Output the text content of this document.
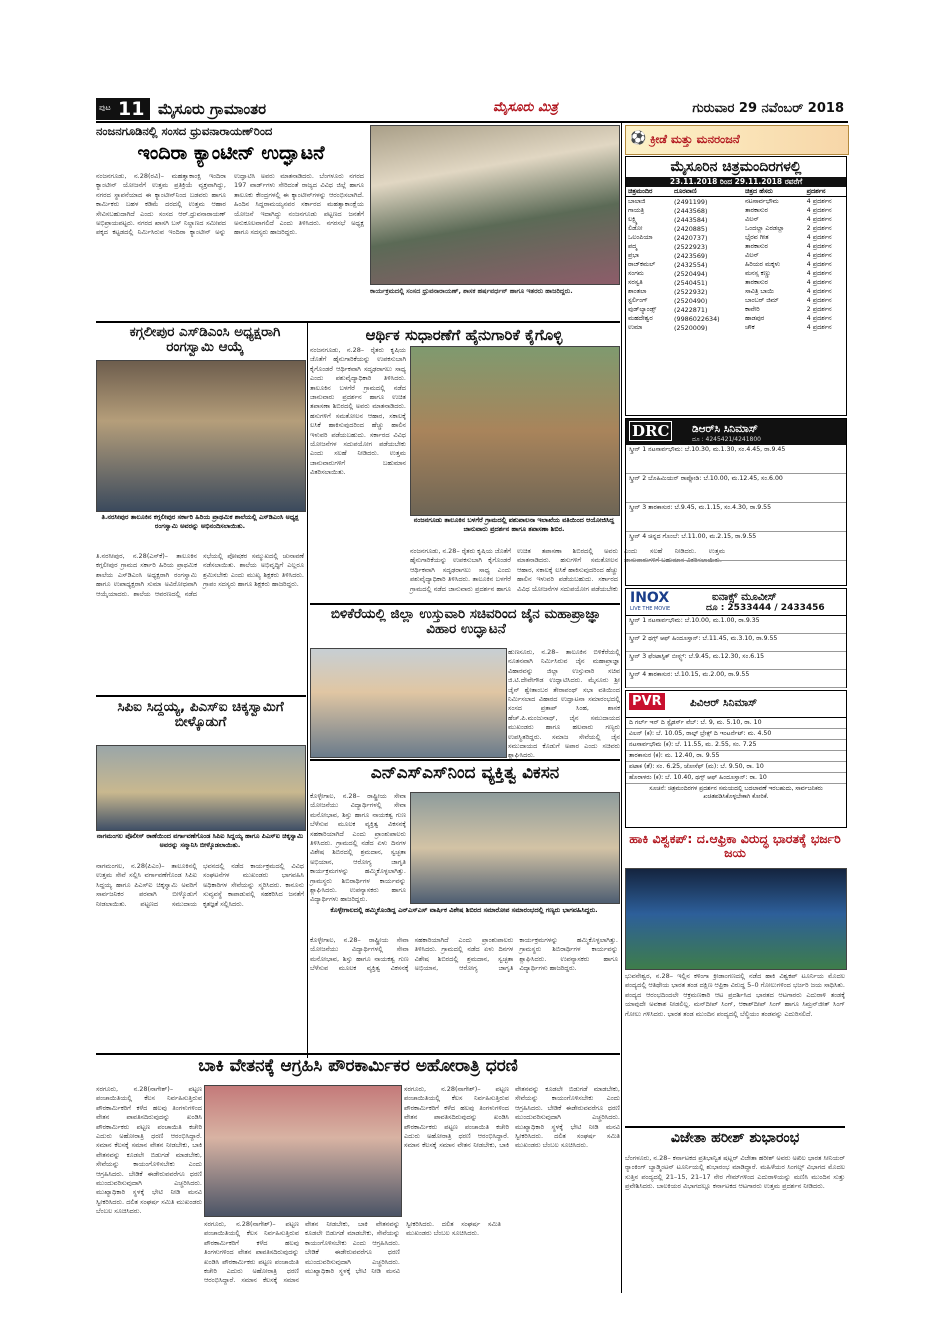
ಪುಟ 11 ಮೈಸೂರು ಗ್ರಾಮಾಂತರ	ಮೈಸೂರು ಮಿತ್ರ	ಗುರುವಾರ 29 ನವೆಂಬರ್ 2018
ನಂಜನಗೂಡಿನಲ್ಲಿ ಸಂಸದ ಧ್ರುವನಾರಾಯಣ್‌ರಿಂದ
ಇಂದಿರಾ ಕ್ಯಾಂಟೀನ್ ಉದ್ಘಾಟನೆ
ನಂಜನಗೂಡು, ನ.28(ರವಿ)– ಮಹತ್ವಾಕಾಂಕ್ಷಿ ಇಂದಿರಾ ಕ್ಯಾಂಟೀನ್ ಯೋಜನೆಗೆ ಉತ್ತಮ ಪ್ರತಿಕ್ರಿಯೆ ವ್ಯಕ್ತವಾಗಿದ್ದು, ನಗರದ ಸ್ಥಾಪನೆಯಾದ ಈ ಕ್ಯಾಂಟೀನ್‌ನಿಂದ ಬಡವರು ಹಾಗೂ ಕಾರ್ಮಿಕರು ಬಹಳ ಕಡಿಮೆ ದರದಲ್ಲಿ ಉತ್ತಮ ಆಹಾರ ಸೇವಿಸಬಹುದಾಗಿದೆ ಎಂದು ಸಂಸದ ಆರ್.ಧ್ರುವನಾರಾಯಣ್ ಅಭಿಪ್ರಾಯಪಟ್ಟರು. ನಗರದ ಖಾಸಗಿ ಬಸ್ ನಿಲ್ದಾಣದ ಸಮೀಪದ ಪಕ್ಕದ ಕಟ್ಟಡದಲ್ಲಿ ನಿರ್ಮಿಸಿರುವ ಇಂದಿರಾ ಕ್ಯಾಂಟೀನ್ ಅನ್ನು ಉದ್ಘಾಟಿಸಿ ಅವರು ಮಾತನಾಡಿದರು. ಬೆಂಗಳೂರು ನಗರದ 197 ವಾರ್ಡ್‌ಗಳು ಸೇರಿದಂತೆ ರಾಜ್ಯದ ವಿವಿಧ ಜಿಲ್ಲೆ ಹಾಗೂ ತಾಲೂಕು ಕೇಂದ್ರಗಳಲ್ಲಿ ಈ ಕ್ಯಾಂಟೀನ್‌ಗಳನ್ನು ಆರಂಭಿಸಲಾಗಿದೆ. ಹಿಂದಿನ ಸಿದ್ದರಾಮಯ್ಯನವರ ಸರ್ಕಾರದ ಮಹತ್ವಾಕಾಂಕ್ಷೆಯ ಯೋಜನೆ ಇದಾಗಿದ್ದು ನಂಜನಗೂಡು ಪಟ್ಟಣದ ಜನತೆಗೆ ಅನುಕೂಲವಾಗಲಿದೆ ಎಂದು ತಿಳಿಸಿದರು. ನಗರಸಭೆ ಅಧ್ಯಕ್ಷ ಹಾಗೂ ಸದಸ್ಯರು ಹಾಜರಿದ್ದರು.
ಕಾರ್ಯಕ್ರಮದಲ್ಲಿ ಸಂಸದ ಧ್ರುವನಾರಾಯಣ್, ಶಾಸಕ ಹರ್ಷವರ್ಧನ್ ಹಾಗೂ ಇತರರು ಹಾಜರಿದ್ದರು.
ಕಗ್ಗಲೀಪುರ ಎಸ್‌ಡಿಎಂಸಿ ಅಧ್ಯಕ್ಷರಾಗಿ ರಂಗಸ್ವಾಮಿ ಆಯ್ಕೆ
ತಿ.ನರಸೀಪುರ ತಾಲೂಕಿನ ಕಗ್ಗಲೀಪುರ ಸರ್ಕಾರಿ ಹಿರಿಯ ಪ್ರಾಥಮಿಕ ಶಾಲೆಯಲ್ಲಿ ಎಸ್‌ಡಿಎಂಸಿ ಅಧ್ಯಕ್ಷ ರಂಗಸ್ವಾಮಿ ಅವರನ್ನು ಅಭಿನಂದಿಸಲಾಯಿತು.
ತಿ.ನರಸೀಪುರ, ನ.28(ಎಸ್‌ಕೆ)– ತಾಲೂಕಿನ ಕಗ್ಗಲೀಪುರ ಗ್ರಾಮದ ಸರ್ಕಾರಿ ಹಿರಿಯ ಪ್ರಾಥಮಿಕ ಶಾಲೆಯ ಎಸ್‌ಡಿಎಂಸಿ ಅಧ್ಯಕ್ಷರಾಗಿ ರಂಗಸ್ವಾಮಿ ಹಾಗೂ ಉಪಾಧ್ಯಕ್ಷರಾಗಿ ಸುಮಾ ಅವಿರೋಧವಾಗಿ ಆಯ್ಕೆಯಾದರು. ಶಾಲೆಯ ಆವರಣದಲ್ಲಿ ನಡೆದ ಸಭೆಯಲ್ಲಿ ಪೋಷಕರ ಸಮ್ಮುಖದಲ್ಲಿ ಚುನಾವಣೆ ನಡೆಸಲಾಯಿತು. ಶಾಲೆಯ ಅಭಿವೃದ್ಧಿಗೆ ಎಲ್ಲರೂ ಶ್ರಮಿಸಬೇಕು ಎಂದು ಮುಖ್ಯ ಶಿಕ್ಷಕರು ತಿಳಿಸಿದರು. ಗ್ರಾಪಂ ಸದಸ್ಯರು ಹಾಗೂ ಶಿಕ್ಷಕರು ಹಾಜರಿದ್ದರು.
ಸಿಪಿಐ ಸಿದ್ದಯ್ಯ, ಪಿಎಸ್‌ಐ ಚಿಕ್ಕಸ್ವಾಮಿಗೆ ಬೀಳ್ಕೊಡುಗೆ
ನಾಗಮಂಗಲ ಪೊಲೀಸ್ ಠಾಣೆಯಿಂದ ವರ್ಗಾವಣೆಗೊಂಡ ಸಿಪಿಐ ಸಿದ್ದಯ್ಯ ಹಾಗೂ ಪಿಎಸ್‌ಐ ಚಿಕ್ಕಸ್ವಾಮಿ ಅವರನ್ನು ಸನ್ಮಾನಿಸಿ ಬೀಳ್ಕೊಡಲಾಯಿತು.
ನಾಗಮಂಗಲ, ನ.28(ಪಿಎಂ)– ತಾಲೂಕಿನಲ್ಲಿ ಉತ್ತಮ ಸೇವೆ ಸಲ್ಲಿಸಿ ವರ್ಗಾವಣೆಗೊಂಡ ಸಿಪಿಐ ಸಿದ್ದಯ್ಯ ಹಾಗೂ ಪಿಎಸ್‌ಐ ಚಿಕ್ಕಸ್ವಾಮಿ ಅವರಿಗೆ ಸಾರ್ವಜನಿಕರ ಪರವಾಗಿ ಬೀಳ್ಕೊಡುಗೆ ನೀಡಲಾಯಿತು. ಪಟ್ಟಣದ ಸಮುದಾಯ ಭವನದಲ್ಲಿ ನಡೆದ ಕಾರ್ಯಕ್ರಮದಲ್ಲಿ ವಿವಿಧ ಸಂಘಟನೆಗಳ ಮುಖಂಡರು ಭಾಗವಹಿಸಿ ಅಧಿಕಾರಿಗಳ ಸೇವೆಯನ್ನು ಸ್ಮರಿಸಿದರು. ಕಾನೂನು ಸುವ್ಯವಸ್ಥೆ ಕಾಪಾಡುವಲ್ಲಿ ಸಹಕರಿಸಿದ ಜನತೆಗೆ ಕೃತಜ್ಞತೆ ಸಲ್ಲಿಸಿದರು.
ಆರ್ಥಿಕ ಸುಧಾರಣೆಗೆ ಹೈನುಗಾರಿಕೆ ಕೈಗೊಳ್ಳಿ
ನಂಜನಗೂಡು, ನ.28– ರೈತರು ಕೃಷಿಯ ಜೊತೆಗೆ ಹೈನುಗಾರಿಕೆಯನ್ನು ಉಪಕಸುಬಾಗಿ ಕೈಗೊಂಡರೆ ಆರ್ಥಿಕವಾಗಿ ಸದೃಢರಾಗಲು ಸಾಧ್ಯ ಎಂದು ಪಶುವೈದ್ಯಾಧಿಕಾರಿ ತಿಳಿಸಿದರು. ತಾಲೂಕಿನ ಬಳಗೆರೆ ಗ್ರಾಮದಲ್ಲಿ ನಡೆದ ಜಾನುವಾರು ಪ್ರದರ್ಶನ ಹಾಗೂ ಉಚಿತ ತಪಾಸಣಾ ಶಿಬಿರದಲ್ಲಿ ಅವರು ಮಾತನಾಡಿದರು. ಹಸುಗಳಿಗೆ ಸಮತೋಲನ ಆಹಾರ, ಸಕಾಲಕ್ಕೆ ಲಸಿಕೆ ಹಾಕಿಸುವುದರಿಂದ ಹೆಚ್ಚು ಹಾಲಿನ ಇಳುವರಿ ಪಡೆಯಬಹುದು. ಸರ್ಕಾರದ ವಿವಿಧ ಯೋಜನೆಗಳ ಸದುಪಯೋಗ ಪಡೆಯಬೇಕು ಎಂದು ಸಲಹೆ ನೀಡಿದರು. ಉತ್ತಮ ಜಾನುವಾರುಗಳಿಗೆ ಬಹುಮಾನ ವಿತರಿಸಲಾಯಿತು.
ನಂಜನಗೂಡು ತಾಲೂಕಿನ ಬಳಗೆರೆ ಗ್ರಾಮದಲ್ಲಿ ಪಶುಪಾಲನಾ ಇಲಾಖೆಯ ವತಿಯಿಂದ ಆಯೋಜಿಸಿದ್ದ ಜಾನುವಾರು ಪ್ರದರ್ಶನ ಹಾಗೂ ತಪಾಸಣಾ ಶಿಬಿರ.
ನಂಜನಗೂಡು, ನ.28– ರೈತರು ಕೃಷಿಯ ಜೊತೆಗೆ ಹೈನುಗಾರಿಕೆಯನ್ನು ಉಪಕಸುಬಾಗಿ ಕೈಗೊಂಡರೆ ಆರ್ಥಿಕವಾಗಿ ಸದೃಢರಾಗಲು ಸಾಧ್ಯ ಎಂದು ಪಶುವೈದ್ಯಾಧಿಕಾರಿ ತಿಳಿಸಿದರು. ತಾಲೂಕಿನ ಬಳಗೆರೆ ಗ್ರಾಮದಲ್ಲಿ ನಡೆದ ಜಾನುವಾರು ಪ್ರದರ್ಶನ ಹಾಗೂ ಉಚಿತ ತಪಾಸಣಾ ಶಿಬಿರದಲ್ಲಿ ಅವರು ಮಾತನಾಡಿದರು. ಹಸುಗಳಿಗೆ ಸಮತೋಲನ ಆಹಾರ, ಸಕಾಲಕ್ಕೆ ಲಸಿಕೆ ಹಾಕಿಸುವುದರಿಂದ ಹೆಚ್ಚು ಹಾಲಿನ ಇಳುವರಿ ಪಡೆಯಬಹುದು. ಸರ್ಕಾರದ ವಿವಿಧ ಯೋಜನೆಗಳ ಸದುಪಯೋಗ ಪಡೆಯಬೇಕು ಎಂದು ಸಲಹೆ ನೀಡಿದರು. ಉತ್ತಮ ಜಾನುವಾರುಗಳಿಗೆ ಬಹುಮಾನ ವಿತರಿಸಲಾಯಿತು.
ಬಿಳಿಕೆರೆಯಲ್ಲಿ ಜಿಲ್ಲಾ ಉಸ್ತುವಾರಿ ಸಚಿವರಿಂದ ಜೈನ ಮಹಾಪ್ರಾಜ್ಞಾ ವಿಹಾರ ಉದ್ಘಾಟನೆ
ಹುಣಸೂರು, ನ.28– ತಾಲೂಕಿನ ಬಿಳಿಕೆರೆಯಲ್ಲಿ ನೂತನವಾಗಿ ನಿರ್ಮಿಸಿರುವ ಜೈನ ಮಹಾಪ್ರಾಜ್ಞಾ ವಿಹಾರವನ್ನು ಜಿಲ್ಲಾ ಉಸ್ತುವಾರಿ ಸಚಿವ ಜಿ.ಟಿ.ದೇವೇಗೌಡ ಉದ್ಘಾಟಿಸಿದರು. ಮೈಸೂರು ಶ್ರೀ ಜೈನ್ ಶ್ವೇತಾಂಬರ ತೇರಾಪಂಥ್ ಸಭಾ ವತಿಯಿಂದ ನಿರ್ಮಿಸಲಾದ ವಿಹಾರದ ಉದ್ಘಾಟನಾ ಸಮಾರಂಭದಲ್ಲಿ ಸಂಸದ ಪ್ರತಾಪ್ ಸಿಂಹ, ಶಾಸಕ ಹೆಚ್.ಪಿ.ಮಂಜುನಾಥ್, ಜೈನ ಸಮುದಾಯದ ಮುಖಂಡರು ಹಾಗೂ ಹಲವಾರು ಗಣ್ಯರು ಉಪಸ್ಥಿತರಿದ್ದರು. ಸಮಾಜ ಸೇವೆಯಲ್ಲಿ ಜೈನ ಸಮುದಾಯದ ಕೊಡುಗೆ ಅಪಾರ ಎಂದು ಸಚಿವರು ಶ್ಲಾಘಿಸಿದರು.
ಎನ್‌ಎಸ್‌ಎಸ್‌ನಿಂದ ವ್ಯಕ್ತಿತ್ವ ವಿಕಸನ
ಕೊಳ್ಳೇಗಾಲ, ನ.28– ರಾಷ್ಟ್ರೀಯ ಸೇವಾ ಯೋಜನೆಯು ವಿದ್ಯಾರ್ಥಿಗಳಲ್ಲಿ ಸೇವಾ ಮನೋಭಾವ, ಶಿಸ್ತು ಹಾಗೂ ನಾಯಕತ್ವ ಗುಣ ಬೆಳೆಸುವ ಮೂಲಕ ವ್ಯಕ್ತಿತ್ವ ವಿಕಸನಕ್ಕೆ ಸಹಕಾರಿಯಾಗಿದೆ ಎಂದು ಪ್ರಾಂಶುಪಾಲರು ತಿಳಿಸಿದರು. ಗ್ರಾಮದಲ್ಲಿ ನಡೆದ ಏಳು ದಿನಗಳ ವಿಶೇಷ ಶಿಬಿರದಲ್ಲಿ ಶ್ರಮದಾನ, ಸ್ವಚ್ಛತಾ ಅಭಿಯಾನ, ಆರೋಗ್ಯ ಜಾಗೃತಿ ಕಾರ್ಯಕ್ರಮಗಳನ್ನು ಹಮ್ಮಿಕೊಳ್ಳಲಾಗಿತ್ತು. ಗ್ರಾಮಸ್ಥರು ಶಿಬಿರಾರ್ಥಿಗಳ ಕಾರ್ಯವನ್ನು ಶ್ಲಾಘಿಸಿದರು. ಉಪನ್ಯಾಸಕರು ಹಾಗೂ ವಿದ್ಯಾರ್ಥಿಗಳು ಹಾಜರಿದ್ದರು.
ಕೊಳ್ಳೇಗಾಲದಲ್ಲಿ ಹಮ್ಮಿಕೊಂಡಿದ್ದ ಎನ್‌ಎಸ್‌ಎಸ್ ವಾರ್ಷಿಕ ವಿಶೇಷ ಶಿಬಿರದ ಸಮಾರೋಪ ಸಮಾರಂಭದಲ್ಲಿ ಗಣ್ಯರು ಭಾಗವಹಿಸಿದ್ದರು.
ಕೊಳ್ಳೇಗಾಲ, ನ.28– ರಾಷ್ಟ್ರೀಯ ಸೇವಾ ಯೋಜನೆಯು ವಿದ್ಯಾರ್ಥಿಗಳಲ್ಲಿ ಸೇವಾ ಮನೋಭಾವ, ಶಿಸ್ತು ಹಾಗೂ ನಾಯಕತ್ವ ಗುಣ ಬೆಳೆಸುವ ಮೂಲಕ ವ್ಯಕ್ತಿತ್ವ ವಿಕಸನಕ್ಕೆ ಸಹಕಾರಿಯಾಗಿದೆ ಎಂದು ಪ್ರಾಂಶುಪಾಲರು ತಿಳಿಸಿದರು. ಗ್ರಾಮದಲ್ಲಿ ನಡೆದ ಏಳು ದಿನಗಳ ವಿಶೇಷ ಶಿಬಿರದಲ್ಲಿ ಶ್ರಮದಾನ, ಸ್ವಚ್ಛತಾ ಅಭಿಯಾನ, ಆರೋಗ್ಯ ಜಾಗೃತಿ ಕಾರ್ಯಕ್ರಮಗಳನ್ನು ಹಮ್ಮಿಕೊಳ್ಳಲಾಗಿತ್ತು. ಗ್ರಾಮಸ್ಥರು ಶಿಬಿರಾರ್ಥಿಗಳ ಕಾರ್ಯವನ್ನು ಶ್ಲಾಘಿಸಿದರು. ಉಪನ್ಯಾಸಕರು ಹಾಗೂ ವಿದ್ಯಾರ್ಥಿಗಳು ಹಾಜರಿದ್ದರು.
ಬಾಕಿ ವೇತನಕ್ಕೆ ಆಗ್ರಹಿಸಿ ಪೌರಕಾರ್ಮಿಕರ ಅಹೋರಾತ್ರಿ ಧರಣಿ
ಸರಗೂರು, ನ.28(ನಾಗೇಶ್)– ಪಟ್ಟಣ ಪಂಚಾಯಿತಿಯಲ್ಲಿ ಕೆಲಸ ನಿರ್ವಹಿಸುತ್ತಿರುವ ಪೌರಕಾರ್ಮಿಕರಿಗೆ ಕಳೆದ ಹಲವು ತಿಂಗಳುಗಳಿಂದ ವೇತನ ಪಾವತಿಸದಿರುವುದನ್ನು ಖಂಡಿಸಿ ಪೌರಕಾರ್ಮಿಕರು ಪಟ್ಟಣ ಪಂಚಾಯಿತಿ ಕಚೇರಿ ಎದುರು ಅಹೋರಾತ್ರಿ ಧರಣಿ ಆರಂಭಿಸಿದ್ದಾರೆ. ಸಮಾನ ಕೆಲಸಕ್ಕೆ ಸಮಾನ ವೇತನ ನೀಡಬೇಕು, ಬಾಕಿ ವೇತನವನ್ನು ಕೂಡಲೇ ಬಿಡುಗಡೆ ಮಾಡಬೇಕು, ಸೇವೆಯನ್ನು ಕಾಯಂಗೊಳಿಸಬೇಕು ಎಂದು ಆಗ್ರಹಿಸಿದರು. ಬೇಡಿಕೆ ಈಡೇರುವವರೆಗೂ ಧರಣಿ ಮುಂದುವರಿಸುವುದಾಗಿ ಎಚ್ಚರಿಸಿದರು. ಮುಖ್ಯಾಧಿಕಾರಿ ಸ್ಥಳಕ್ಕೆ ಭೇಟಿ ನೀಡಿ ಮನವಿ ಸ್ವೀಕರಿಸಿದರು. ದಲಿತ ಸಂಘರ್ಷ ಸಮಿತಿ ಮುಖಂಡರು ಬೆಂಬಲ ಸೂಚಿಸಿದರು.
ಸರಗೂರು, ನ.28(ನಾಗೇಶ್)– ಪಟ್ಟಣ ಪಂಚಾಯಿತಿಯಲ್ಲಿ ಕೆಲಸ ನಿರ್ವಹಿಸುತ್ತಿರುವ ಪೌರಕಾರ್ಮಿಕರಿಗೆ ಕಳೆದ ಹಲವು ತಿಂಗಳುಗಳಿಂದ ವೇತನ ಪಾವತಿಸದಿರುವುದನ್ನು ಖಂಡಿಸಿ ಪೌರಕಾರ್ಮಿಕರು ಪಟ್ಟಣ ಪಂಚಾಯಿತಿ ಕಚೇರಿ ಎದುರು ಅಹೋರಾತ್ರಿ ಧರಣಿ ಆರಂಭಿಸಿದ್ದಾರೆ. ಸಮಾನ ಕೆಲಸಕ್ಕೆ ಸಮಾನ ವೇತನ ನೀಡಬೇಕು, ಬಾಕಿ ವೇತನವನ್ನು ಕೂಡಲೇ ಬಿಡುಗಡೆ ಮಾಡಬೇಕು, ಸೇವೆಯನ್ನು ಕಾಯಂಗೊಳಿಸಬೇಕು ಎಂದು ಆಗ್ರಹಿಸಿದರು. ಬೇಡಿಕೆ ಈಡೇರುವವರೆಗೂ ಧರಣಿ ಮುಂದುವರಿಸುವುದಾಗಿ ಎಚ್ಚರಿಸಿದರು. ಮುಖ್ಯಾಧಿಕಾರಿ ಸ್ಥಳಕ್ಕೆ ಭೇಟಿ ನೀಡಿ ಮನವಿ ಸ್ವೀಕರಿಸಿದರು. ದಲಿತ ಸಂಘರ್ಷ ಸಮಿತಿ ಮುಖಂಡರು ಬೆಂಬಲ ಸೂಚಿಸಿದರು.
ಸರಗೂರು, ನ.28(ನಾಗೇಶ್)– ಪಟ್ಟಣ ಪಂಚಾಯಿತಿಯಲ್ಲಿ ಕೆಲಸ ನಿರ್ವಹಿಸುತ್ತಿರುವ ಪೌರಕಾರ್ಮಿಕರಿಗೆ ಕಳೆದ ಹಲವು ತಿಂಗಳುಗಳಿಂದ ವೇತನ ಪಾವತಿಸದಿರುವುದನ್ನು ಖಂಡಿಸಿ ಪೌರಕಾರ್ಮಿಕರು ಪಟ್ಟಣ ಪಂಚಾಯಿತಿ ಕಚೇರಿ ಎದುರು ಅಹೋರಾತ್ರಿ ಧರಣಿ ಆರಂಭಿಸಿದ್ದಾರೆ. ಸಮಾನ ಕೆಲಸಕ್ಕೆ ಸಮಾನ ವೇತನ ನೀಡಬೇಕು, ಬಾಕಿ ವೇತನವನ್ನು ಕೂಡಲೇ ಬಿಡುಗಡೆ ಮಾಡಬೇಕು, ಸೇವೆಯನ್ನು ಕಾಯಂಗೊಳಿಸಬೇಕು ಎಂದು ಆಗ್ರಹಿಸಿದರು. ಬೇಡಿಕೆ ಈಡೇರುವವರೆಗೂ ಧರಣಿ ಮುಂದುವರಿಸುವುದಾಗಿ ಎಚ್ಚರಿಸಿದರು. ಮುಖ್ಯಾಧಿಕಾರಿ ಸ್ಥಳಕ್ಕೆ ಭೇಟಿ ನೀಡಿ ಮನವಿ ಸ್ವೀಕರಿಸಿದರು. ದಲಿತ ಸಂಘರ್ಷ ಸಮಿತಿ ಮುಖಂಡರು ಬೆಂಬಲ ಸೂಚಿಸಿದರು.
⚽ ಕ್ರೀಡೆ ಮತ್ತು ಮನರಂಜನೆ
ಮೈಸೂರಿನ ಚಿತ್ರಮಂದಿರಗಳಲ್ಲಿ
23.11.2018 ರಿಂದ 29.11.2018 ರವರೆಗೆ
ಚಿತ್ರಮಂದಿರ	ದೂರವಾಣಿ	ಚಿತ್ರದ ಹೆಸರು	ಪ್ರದರ್ಶನ
ಬಾಲಾಜಿ	(2491199)	ನಟಸಾರ್ವಭೌಮ	4 ಪ್ರದರ್ಶನ
ಗಾಯತ್ರಿ	(2443568)	ತಾರಕಾಸುರ	4 ಪ್ರದರ್ಶನ
ಲಕ್ಷ್ಮಿ	(2443584)	ವಿಲನ್	4 ಪ್ರದರ್ಶನ
ಲಿಡೋ	(2420885)	ಒಂದಲ್ಲಾ ಎರಡಲ್ಲಾ	2 ಪ್ರದರ್ಶನ
ಒಲಂಪಿಯಾ	(2420737)	ಭೈರವ ಗೀತ	4 ಪ್ರದರ್ಶನ
ಪದ್ಮ	(2522923)	ತಾರಕಾಸುರ	4 ಪ್ರದರ್ಶನ
ಪ್ರಭಾ	(2423569)	ವಿಲನ್	4 ಪ್ರದರ್ಶನ
ರಾಜ್‌ಕಮಲ್	(2432554)	ಹಿರಿಯರ ಮಕ್ಕಳು	4 ಪ್ರದರ್ಶನ
ಸಂಗಮ	(2520494)	ಮನಸ್ಸ ಕಣ್ಣು	4 ಪ್ರದರ್ಶನ
ಸರಸ್ವತಿ	(2540451)	ತಾರಕಾಸುರ	4 ಪ್ರದರ್ಶನ
ಶಾಂತಲಾ	(2522932)	ಸಾವಿತ್ರಿ ಬಾಯಿ	4 ಪ್ರದರ್ಶನ
ಸ್ಟರ್ಲಿಂಗ್	(2520490)	ಬಾಂಬರ್ ಜಿಮ್	4 ಪ್ರದರ್ಶನ
ವುಡ್‌ಲ್ಯಾಂಡ್ಸ್	(2422871)	ಕಾವೇರಿ	2 ಪ್ರದರ್ಶನ
ಮಹದೇಶ್ವರ	(9986022634)	ಹಾಡಪುರ	4 ಪ್ರದರ್ಶನ
ಉಮಾ	(2520009)	ಚೌಕ	4 ಪ್ರದರ್ಶನ
DRC ಡಿಆರ್‌ಸಿ ಸಿನಿಮಾಸ್
ದೂ : 4245421/4241800
ಸ್ಕ್ರೀನ್ 1 ನಟಸಾರ್ವಭೌಮ: ಬೆ.10.30, ಮ.1.30, ಸಂ.4.45, ರಾ.9.45
ಸ್ಕ್ರೀನ್ 2 ಬೊಹಿಮಿಯನ್ ರಾಪ್ಸೋಡಿ: ಬೆ.10.00, ಮ.12.45, ಸಂ.6.00
ಸ್ಕ್ರೀನ್ 3 ತಾರಕಾಸುರ: ಬೆ.9.45, ಮ.1.15, ಸಂ.4.30, ರಾ.9.55
ಸ್ಕ್ರೀನ್ 4 ಚಿನ್ನದ ಗೊಂಬೆ: ಬೆ.11.00, ಮ.2.15, ರಾ.9.55
INOX
LIVE THE MOVIE
ಐನಾಕ್ಸ್ ಮೂವೀಸ್
ದೂ : 2533444 / 2433456
ಸ್ಕ್ರೀನ್ 1 ನಟಸಾರ್ವಭೌಮ: ಬೆ.10.00, ಮ.1.00, ರಾ.9.35
ಸ್ಕ್ರೀನ್ 2 ಥಗ್ಸ್ ಆಫ್ ಹಿಂದೂಸ್ತಾನ್: ಬೆ.11.45, ಮ.3.10, ರಾ.9.55
ಸ್ಕ್ರೀನ್ 3 ಫೆಂಟಾಸ್ಟಿಕ್ ಬೀಸ್ಟ್ಸ್: ಬೆ.9.45, ಮ.12.30, ಸಂ.6.15
ಸ್ಕ್ರೀನ್ 4 ತಾರಕಾಸುರ: ಬೆ.10.15, ಮ.2.00, ರಾ.9.55
PVR	ಪಿವಿಆರ್ ಸಿನಿಮಾಸ್
ದಿ ಗರ್ಲ್ ಇನ್ ದಿ ಸ್ಪೈಡರ್ಸ್ ವೆಬ್: ಬೆ. 9, ಮ. 5.10, ರಾ. 10
ವಿಲನ್ (ಕ): ಬೆ. 10.05, ರಾಲ್ಫ್ ಬ್ರೇಕ್ಸ್ ದಿ ಇಂಟರ್ನೆಟ್: ಮ. 4.50
ನಟಸಾರ್ವಭೌಮ (ಕ): ಬೆ. 11.55, ಮ. 2.55, ಸಂ. 7.25
ತಾರಕಾಸುರ (ಕ): ಮ. 12.40, ರಾ. 9.55
ಪಟಾಕ (ತೆ): ಸಂ. 6.25, ಜೋಸೆಫ್ (ಮ): ಬೆ. 9.50, ರಾ. 10
ಹೊರಾಳರು (ಕ): ಬೆ. 10.40, ಥಗ್ಸ್ ಆಫ್ ಹಿಂದೂಸ್ತಾನ್: ರಾ. 10
ಸೂಚನೆ: ಚಿತ್ರಮಂದಿರಗಳ ಪ್ರದರ್ಶನ ಸಮಯದಲ್ಲಿ ಬದಲಾವಣೆ ಇರಬಹುದು, ಸಾರ್ವಜನಿಕರು ಖಚಿತಪಡಿಸಿಕೊಳ್ಳಬೇಕಾಗಿ ಕೋರಿಕೆ.
ಹಾಕಿ ವಿಶ್ವಕಪ್: ದ.ಆಫ್ರಿಕಾ ವಿರುದ್ಧ ಭಾರತಕ್ಕೆ ಭರ್ಜರಿ ಜಯ
ಭುವನೇಶ್ವರ, ನ.28– ಇಲ್ಲಿನ ಕಳಿಂಗಾ ಕ್ರೀಡಾಂಗಣದಲ್ಲಿ ನಡೆದ ಹಾಕಿ ವಿಶ್ವಕಪ್ ಟೂರ್ನಿಯ ಮೊದಲ ಪಂದ್ಯದಲ್ಲಿ ಆತಿಥೇಯ ಭಾರತ ತಂಡ ದಕ್ಷಿಣ ಆಫ್ರಿಕಾ ವಿರುದ್ಧ 5–0 ಗೋಲುಗಳಿಂದ ಭರ್ಜರಿ ಜಯ ಸಾಧಿಸಿತು. ಪಂದ್ಯದ ಆರಂಭದಿಂದಲೇ ಆಕ್ರಮಣಕಾರಿ ಆಟ ಪ್ರದರ್ಶಿಸಿದ ಭಾರತದ ಆಟಗಾರರು ಎದುರಾಳಿ ತಂಡಕ್ಕೆ ಯಾವುದೇ ಅವಕಾಶ ನೀಡಲಿಲ್ಲ. ಮನ್‌ದೀಪ್ ಸಿಂಗ್, ಆಕಾಶ್‌ದೀಪ್ ಸಿಂಗ್ ಹಾಗೂ ಸಿಮ್ರನ್‌ಜೀತ್ ಸಿಂಗ್ ಗೋಲು ಗಳಿಸಿದರು. ಭಾರತ ತಂಡ ಮುಂದಿನ ಪಂದ್ಯದಲ್ಲಿ ಬೆಲ್ಜಿಯಂ ತಂಡವನ್ನು ಎದುರಿಸಲಿದೆ.
ವಿಜೇತಾ ಹರೀಶ್ ಶುಭಾರಂಭ
ಬೆಂಗಳೂರು, ನ.28– ಕರ್ನಾಟಕದ ಪ್ರತಿಭಾನ್ವಿತ ಷಟ್ಲರ್ ವಿಜೇತಾ ಹರೀಶ್ ಅವರು ಅಖಿಲ ಭಾರತ ಸೀನಿಯರ್ ರ‍್ಯಾಂಕಿಂಗ್ ಬ್ಯಾಡ್ಮಿಂಟನ್ ಟೂರ್ನಿಯಲ್ಲಿ ಶುಭಾರಂಭ ಮಾಡಿದ್ದಾರೆ. ಮಹಿಳೆಯರ ಸಿಂಗಲ್ಸ್ ವಿಭಾಗದ ಮೊದಲ ಸುತ್ತಿನ ಪಂದ್ಯದಲ್ಲಿ 21–15, 21–17 ನೇರ ಗೇಮ್‌ಗಳಿಂದ ಎದುರಾಳಿಯನ್ನು ಮಣಿಸಿ ಮುಂದಿನ ಸುತ್ತು ಪ್ರವೇಶಿಸಿದರು. ಬಾಲಕಿಯರ ವಿಭಾಗದಲ್ಲೂ ಕರ್ನಾಟಕದ ಆಟಗಾರರು ಉತ್ತಮ ಪ್ರದರ್ಶನ ನೀಡಿದರು.
